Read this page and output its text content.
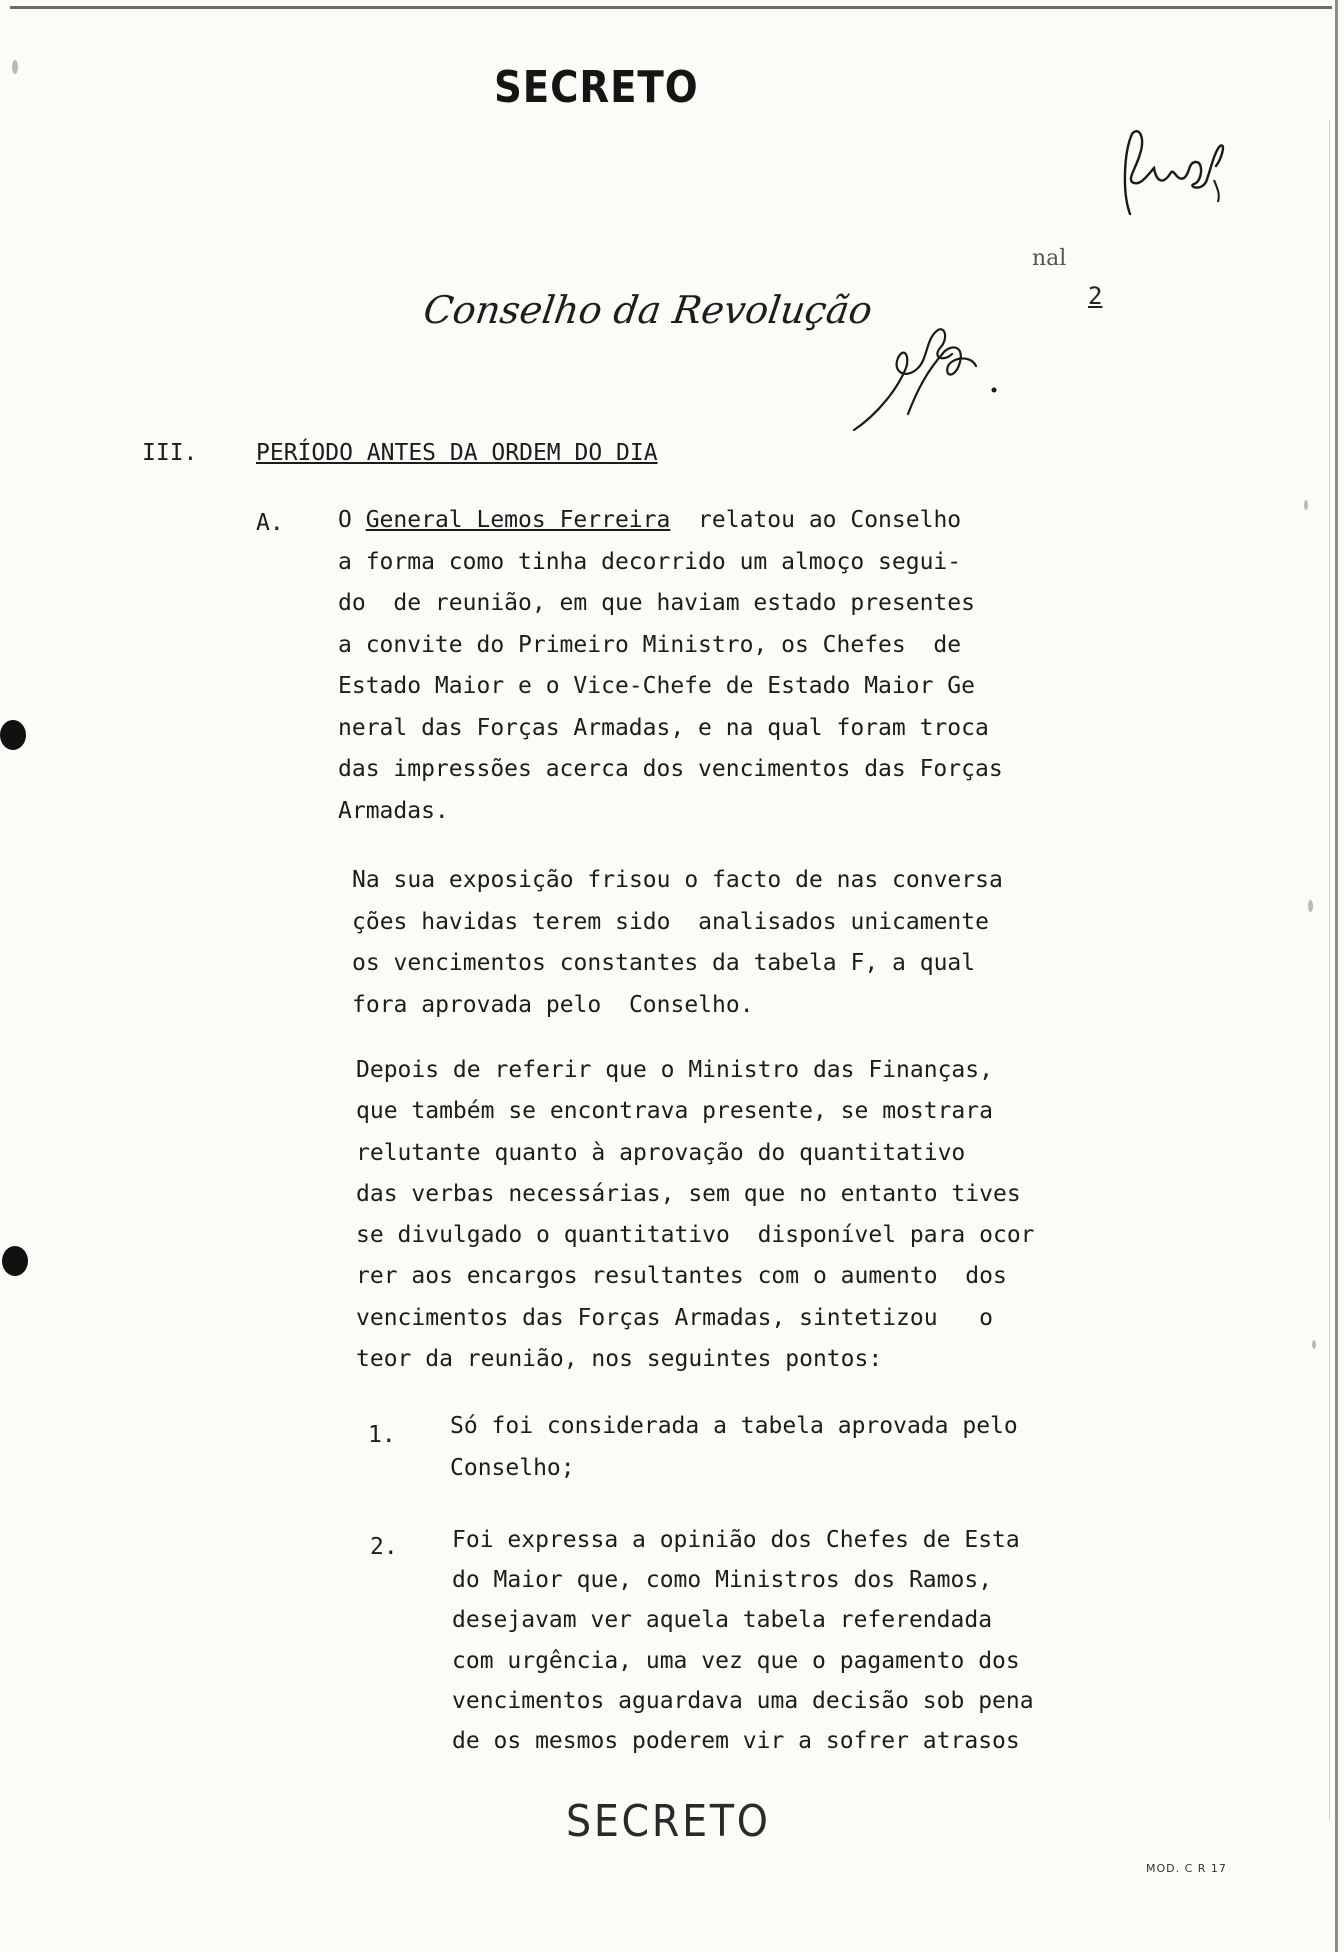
SECRETO
nal
2
Conselho da Revolução
III.	PERÍODO ANTES DA ORDEM DO DIA
A. O General Lemos Ferreira  relatou ao Conselho
a forma como tinha decorrido um almoço segui-
do  de reunião, em que haviam estado presentes
a convite do Primeiro Ministro, os Chefes  de
Estado Maior e o Vice-Chefe de Estado Maior Ge
neral das Forças Armadas, e na qual foram troca
das impressões acerca dos vencimentos das Forças
Armadas.
Na sua exposição frisou o facto de nas conversa
ções havidas terem sido  analisados unicamente
os vencimentos constantes da tabela F, a qual
fora aprovada pelo  Conselho.
Depois de referir que o Ministro das Finanças,
que também se encontrava presente, se mostrara
relutante quanto à aprovação do quantitativo
das verbas necessárias, sem que no entanto tives
se divulgado o quantitativo  disponível para ocor
rer aos encargos resultantes com o aumento  dos
vencimentos das Forças Armadas, sintetizou   o
teor da reunião, nos seguintes pontos:
1. Só foi considerada a tabela aprovada pelo
Conselho;
2. Foi expressa a opinião dos Chefes de Esta
do Maior que, como Ministros dos Ramos,
desejavam ver aquela tabela referendada
com urgência, uma vez que o pagamento dos
vencimentos aguardava uma decisão sob pena
de os mesmos poderem vir a sofrer atrasos
SECRETO
MOD. C R 17
